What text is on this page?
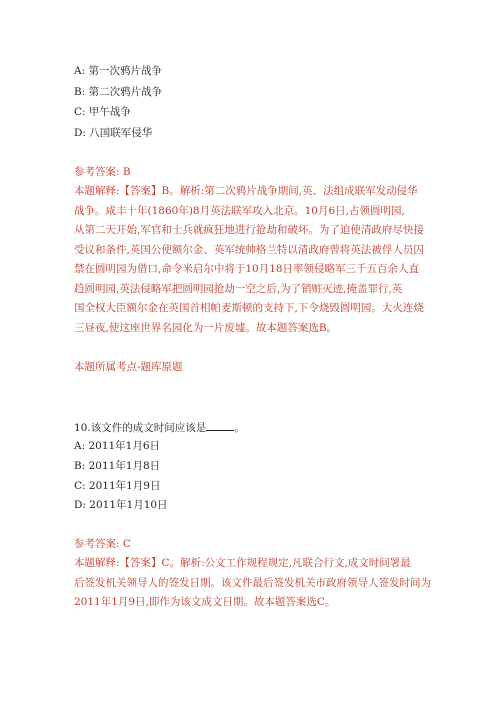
A: 第一次鸦片战争
B: 第二次鸦片战争
C: 甲午战争
D: 八国联军侵华
参考答案: B
本题解释:【答案】B。解析:第二次鸦片战争期间,英、法组成联军发动侵华
战争。咸丰十年(1860年)8月英法联军攻入北京。10月6日,占领圆明园,
从第二天开始,军官和士兵就疯狂地进行抢劫和破坏。为了迫使清政府尽快接
受议和条件,英国公使额尔金、英军统帅格兰特以清政府曾将英法被俘人员囚
禁在圆明园为借口,命令米启尔中将于10月18日率领侵略军三千五百余人直
趋圆明园,英法侵略军把圆明园抢劫一空之后,为了销赃灭迹,掩盖罪行,英
国全权大臣额尔金在英国首相帕麦斯顿的支持下,下令烧毁圆明园。大火连烧
三昼夜,使这座世界名园化为一片废墟。故本题答案选B。
本题所属考点-题库原题
10.该文件的成文时间应该是	。
A: 2011年1月6日
B: 2011年1月8日
C: 2011年1月9日
D: 2011年1月10日
参考答案: C
本题解释:【答案】C。解析:公文工作规程规定,凡联合行文,成文时间署最
后签发机关领导人的签发日期。该文件最后签发机关市政府领导人签发时间为
2011年1月9日,即作为该文成文日期。故本题答案选C。
